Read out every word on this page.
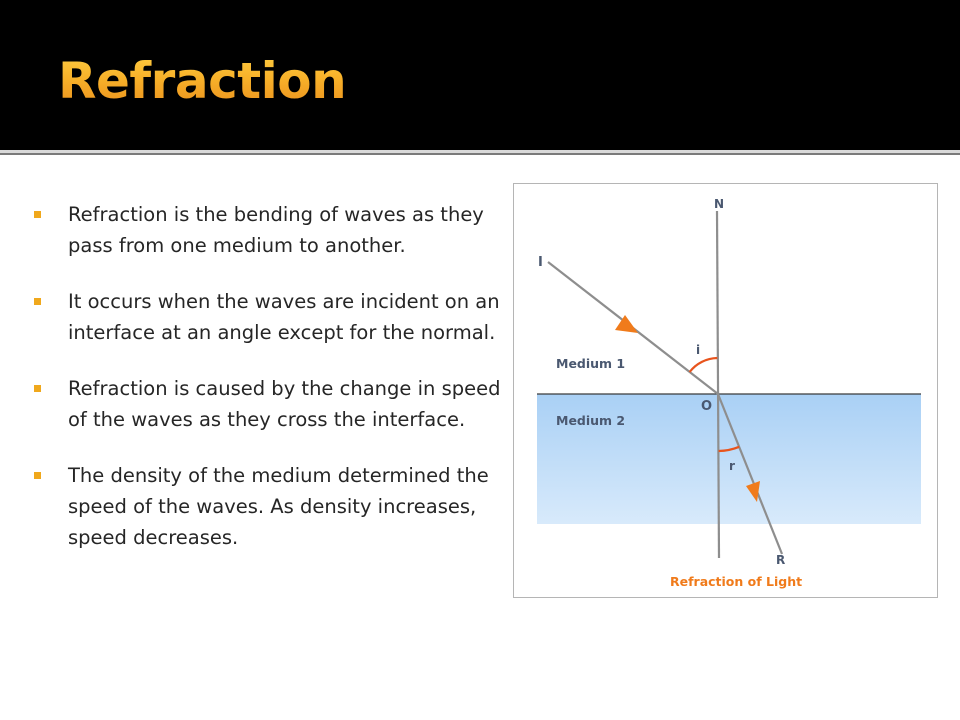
Refraction
Refraction is the bending of waves as they pass from one medium to another.
It occurs when the waves are incident on an interface at an angle except for the normal.
Refraction is caused by the change in speed of the waves as they cross the interface.
The density of the medium determined the speed of the waves. As density increases, speed decreases.
N
I
i
Medium 1
O
Medium 2
r
R
Refraction of Light
